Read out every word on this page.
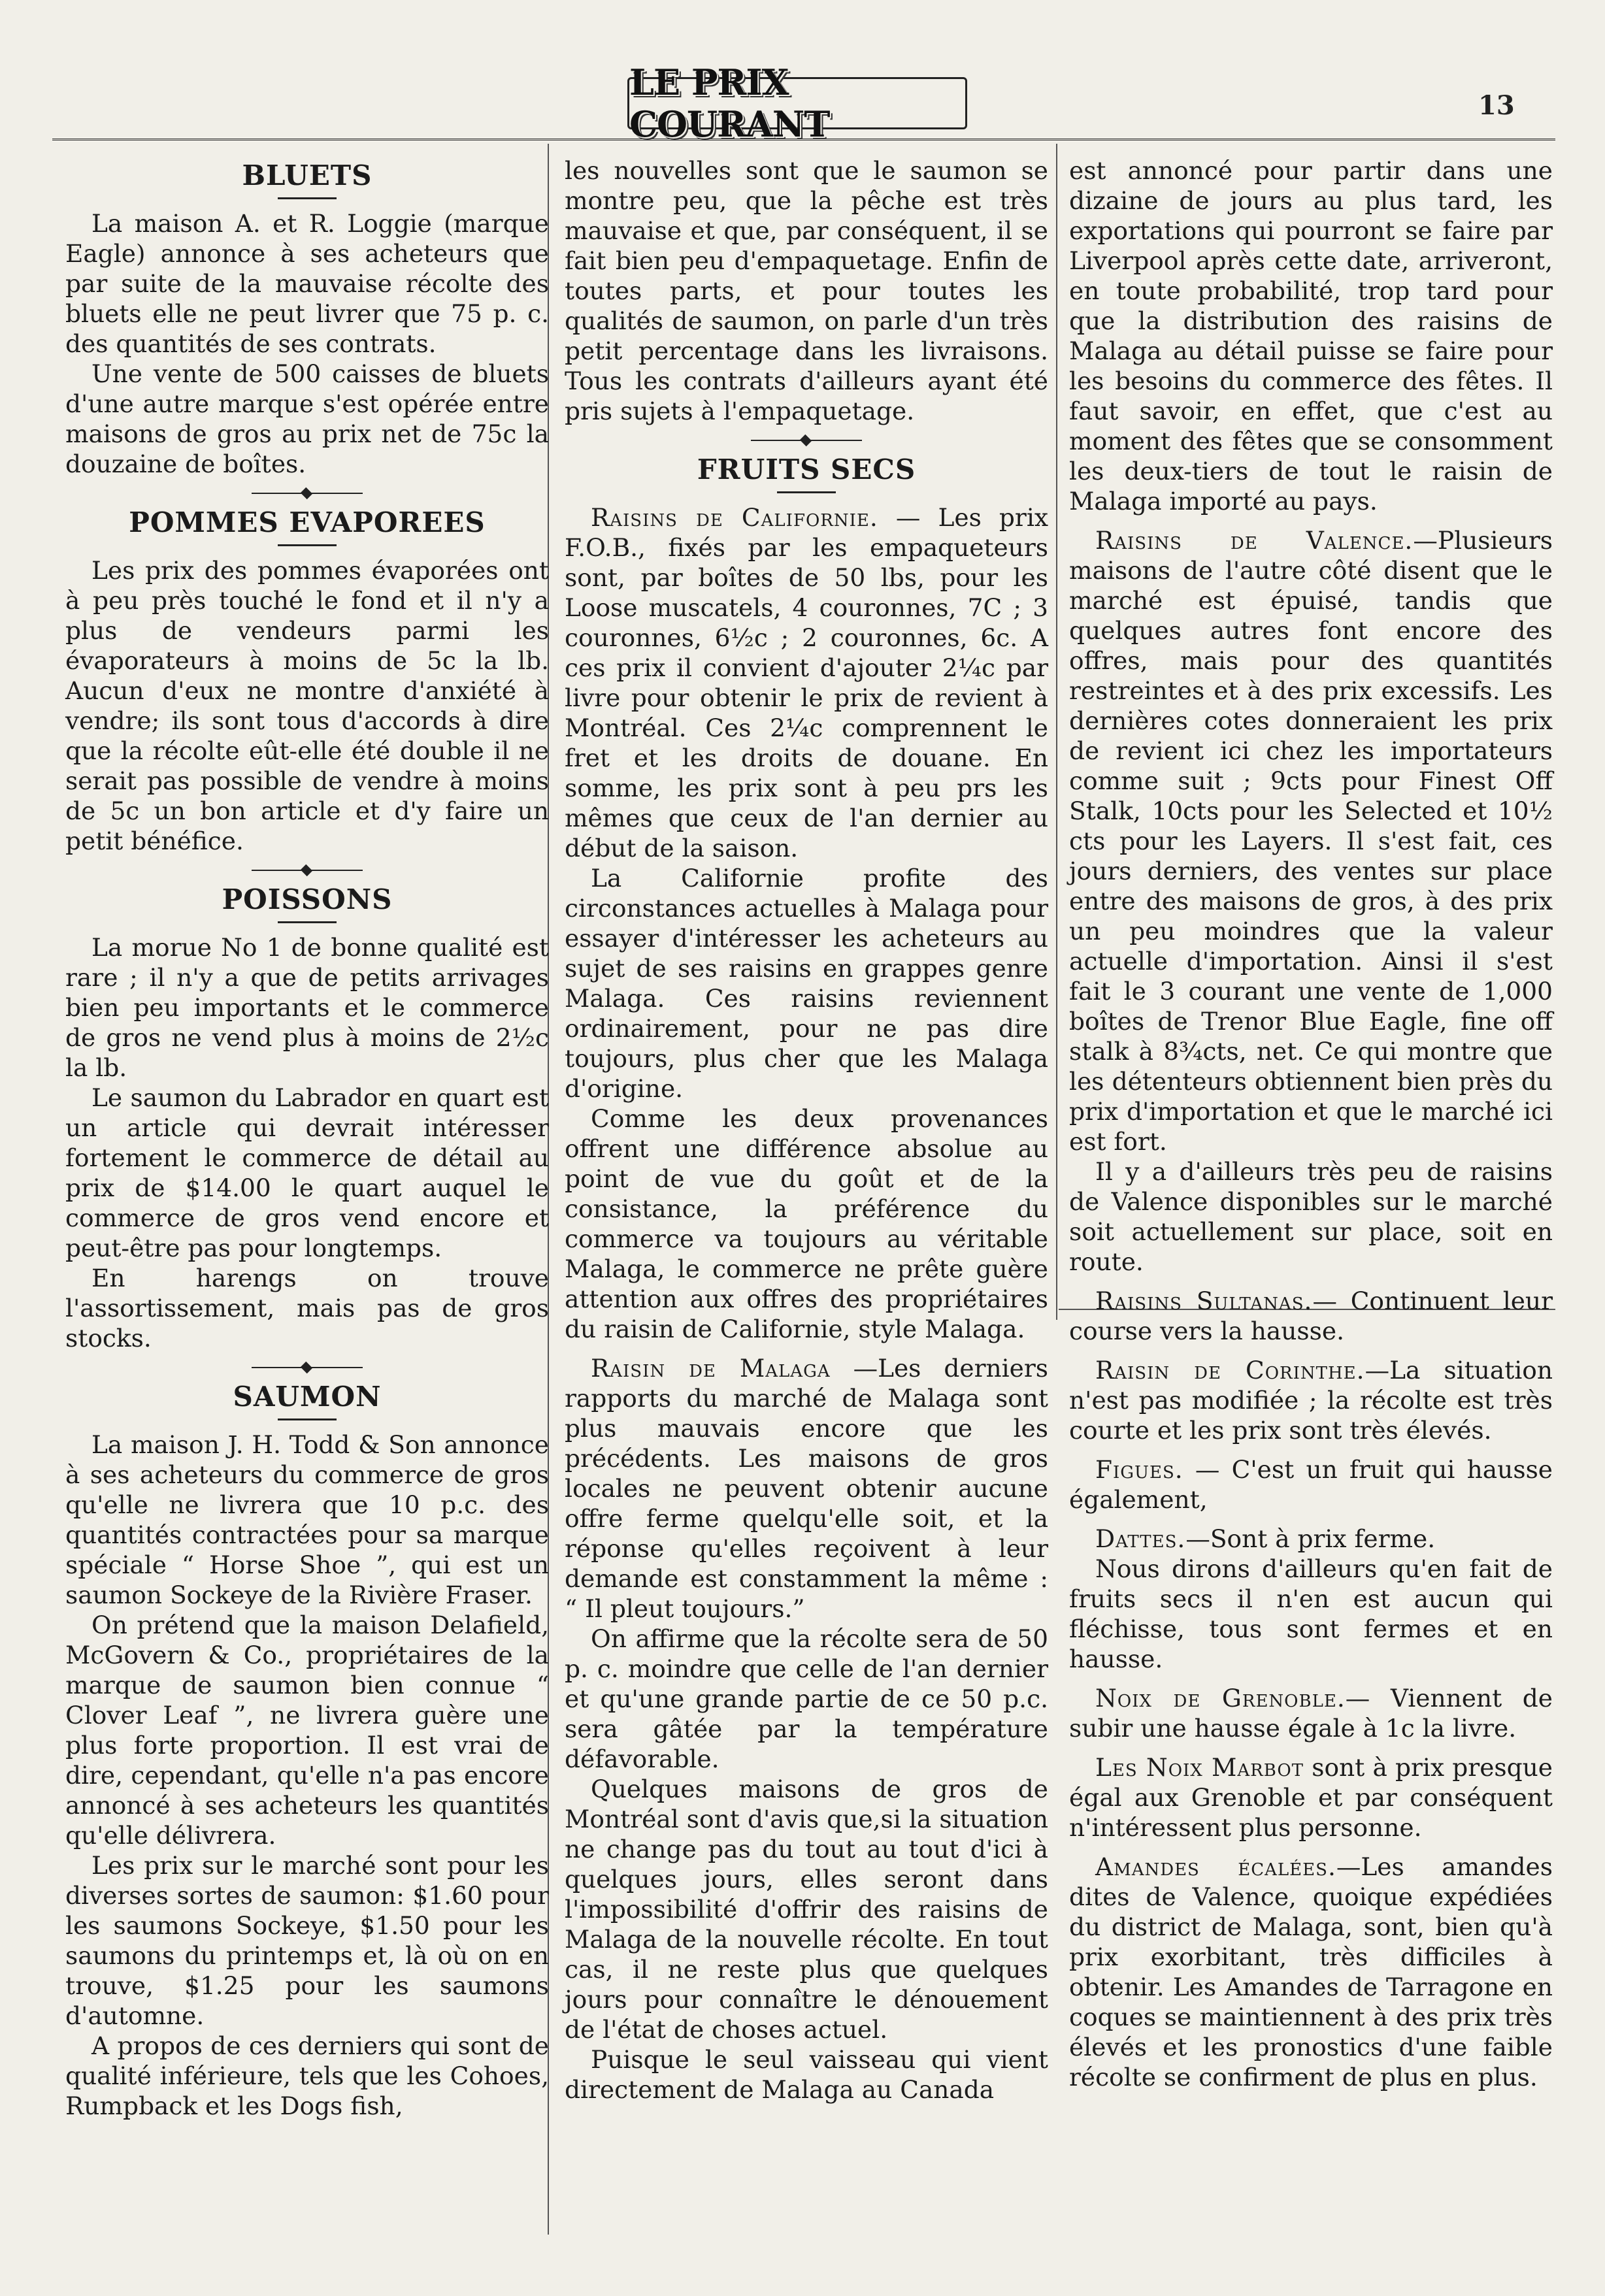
LE PRIX COURANT	13
BLUETS

La maison A. et R. Loggie (marque Eagle) annonce à ses acheteurs que par suite de la mauvaise récolte des bluets elle ne peut livrer que 75 p. c. des quantités de ses contrats.

Une vente de 500 caisses de bluets d'une autre marque s'est opérée entre maisons de gros au prix net de 75c la douzaine de boîtes.

POMMES EVAPOREES

Les prix des pommes évaporées ont à peu près touché le fond et il n'y a plus de vendeurs parmi les évaporateurs à moins de 5c la lb. Aucun d'eux ne montre d'anxiété à vendre; ils sont tous d'accords à dire que la récolte eût-elle été double il ne serait pas possible de vendre à moins de 5c un bon article et d'y faire un petit bénéfice.

POISSONS

La morue No 1 de bonne qualité est rare ; il n'y a que de petits arrivages bien peu importants et le commerce de gros ne vend plus à moins de 2½c la lb.

Le saumon du Labrador en quart est un article qui devrait intéresser fortement le commerce de détail au prix de $14.00 le quart auquel le commerce de gros vend encore et peut-être pas pour longtemps.

En harengs on trouve l'assortissement, mais pas de gros stocks.

SAUMON

La maison J. H. Todd & Son annonce à ses acheteurs du commerce de gros qu'elle ne livrera que 10 p.c. des quantités contractées pour sa marque spéciale “ Horse Shoe ”, qui est un saumon Sockeye de la Rivière Fraser.

On prétend que la maison Delafield, McGovern & Co., propriétaires de la marque de saumon bien connue “ Clover Leaf ”, ne livrera guère une plus forte proportion. Il est vrai de dire, cependant, qu'elle n'a pas encore annoncé à ses acheteurs les quantités qu'elle délivrera.

Les prix sur le marché sont pour les diverses sortes de saumon: $1.60 pour les saumons Sockeye, $1.50 pour les saumons du printemps et, là où on en trouve, $1.25 pour les saumons d'automne.

A propos de ces derniers qui sont de qualité inférieure, tels que les Cohoes, Rumpback et les Dogs fish,

les nouvelles sont que le saumon se montre peu, que la pêche est très mauvaise et que, par conséquent, il se fait bien peu d'empaquetage. Enfin de toutes parts, et pour toutes les qualités de saumon, on parle d'un très petit percentage dans les livraisons. Tous les contrats d'ailleurs ayant été pris sujets à l'empaquetage.

FRUITS SECS

Raisins de Californie. — Les prix F.O.B., fixés par les empaqueteurs sont, par boîtes de 50 lbs, pour les Loose muscatels, 4 couronnes, 7C ; 3 couronnes, 6½c ; 2 couronnes, 6c. A ces prix il convient d'ajouter 2¼c par livre pour obtenir le prix de revient à Montréal. Ces 2¼c comprennent le fret et les droits de douane. En somme, les prix sont à peu prs les mêmes que ceux de l'an dernier au début de la saison.

La Californie profite des circonstances actuelles à Malaga pour essayer d'intéresser les acheteurs au sujet de ses raisins en grappes genre Malaga. Ces raisins reviennent ordinairement, pour ne pas dire toujours, plus cher que les Malaga d'origine.

Comme les deux provenances offrent une différence absolue au point de vue du goût et de la consistance, la préférence du commerce va toujours au véritable Malaga, le commerce ne prête guère attention aux offres des propriétaires du raisin de Californie, style Malaga.

Raisin de Malaga —Les derniers rapports du marché de Malaga sont plus mauvais encore que les précédents. Les maisons de gros locales ne peuvent obtenir aucune offre ferme quelqu'elle soit, et la réponse qu'elles reçoivent à leur demande est constamment la même : “ Il pleut toujours.”

On affirme que la récolte sera de 50 p. c. moindre que celle de l'an dernier et qu'une grande partie de ce 50 p.c. sera gâtée par la température défavorable.

Quelques maisons de gros de Montréal sont d'avis que,si la situation ne change pas du tout au tout d'ici à quelques jours, elles seront dans l'impossibilité d'offrir des raisins de Malaga de la nouvelle récolte. En tout cas, il ne reste plus que quelques jours pour connaître le dénouement de l'état de choses actuel.

Puisque le seul vaisseau qui vient directement de Malaga au Canada

est annoncé pour partir dans une dizaine de jours au plus tard, les exportations qui pourront se faire par Liverpool après cette date, arriveront, en toute probabilité, trop tard pour que la distribution des raisins de Malaga au détail puisse se faire pour les besoins du commerce des fêtes. Il faut savoir, en effet, que c'est au moment des fêtes que se consomment les deux-tiers de tout le raisin de Malaga importé au pays.

Raisins de Valence.—Plusieurs maisons de l'autre côté disent que le marché est épuisé, tandis que quelques autres font encore des offres, mais pour des quantités restreintes et à des prix excessifs. Les dernières cotes donneraient les prix de revient ici chez les importateurs comme suit ; 9cts pour Finest Off Stalk, 10cts pour les Selected et 10½ cts pour les Layers. Il s'est fait, ces jours derniers, des ventes sur place entre des maisons de gros, à des prix un peu moindres que la valeur actuelle d'importation. Ainsi il s'est fait le 3 courant une vente de 1,000 boîtes de Trenor Blue Eagle, fine off stalk à 8¾cts, net. Ce qui montre que les détenteurs obtiennent bien près du prix d'importation et que le marché ici est fort.

Il y a d'ailleurs très peu de raisins de Valence disponibles sur le marché soit actuellement sur place, soit en route.

Raisins Sultanas.— Continuent leur course vers la hausse.

Raisin de Corinthe.—La situation n'est pas modifiée ; la récolte est très courte et les prix sont très élevés.

Figues. — C'est un fruit qui hausse également,

Dattes.—Sont à prix ferme.

Nous dirons d'ailleurs qu'en fait de fruits secs il n'en est aucun qui fléchisse, tous sont fermes et en hausse.

Noix de Grenoble.— Viennent de subir une hausse égale à 1c la livre.

Les Noix Marbot sont à prix presque égal aux Grenoble et par conséquent n'intéressent plus personne.

Amandes écalées.—Les amandes dites de Valence, quoique expédiées du district de Malaga, sont, bien qu'à prix exorbitant, très difficiles à obtenir. Les Amandes de Tarragone en coques se maintiennent à des prix très élevés et les pronostics d'une faible récolte se confirment de plus en plus.
